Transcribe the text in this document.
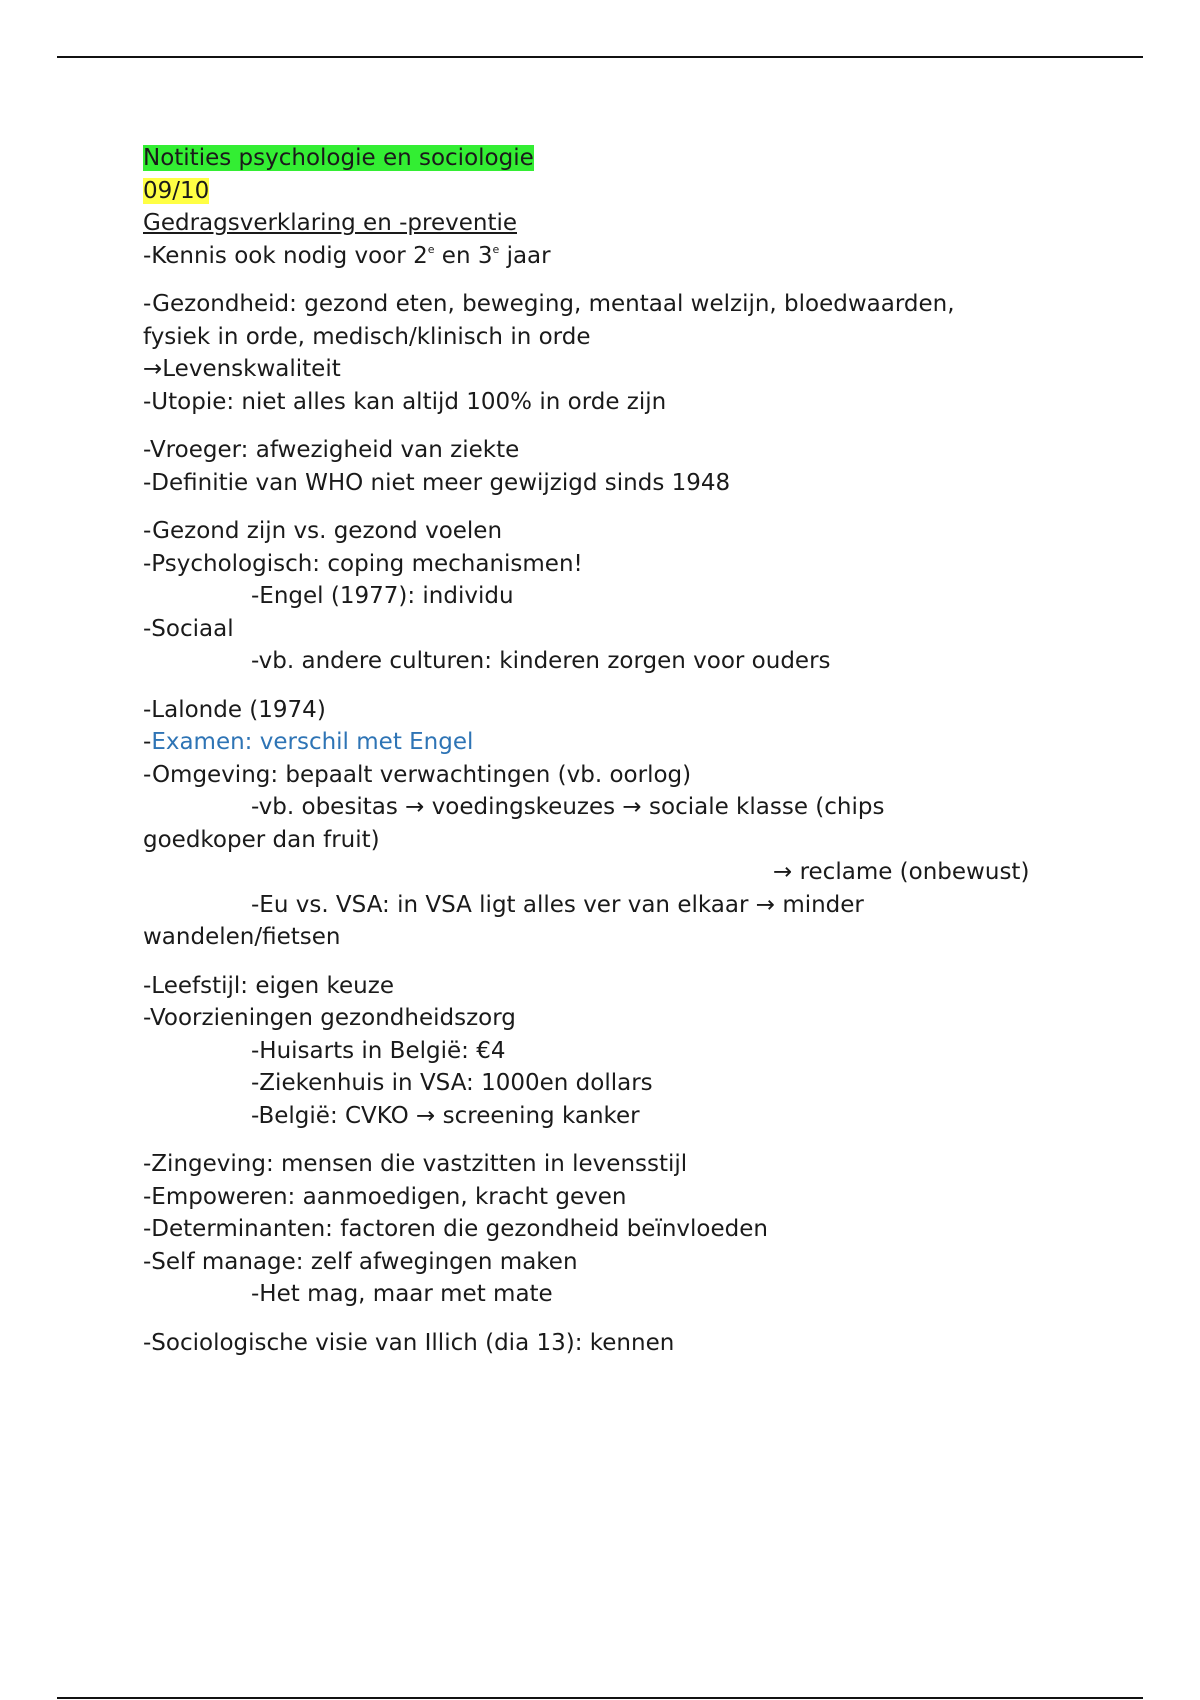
Notities psychologie en sociologie

09/10

Gedragsverklaring en -preventie

-Kennis ook nodig voor 2e en 3e jaar

-Gezondheid: gezond eten, beweging, mentaal welzijn, bloedwaarden,

fysiek in orde, medisch/klinisch in orde

→Levenskwaliteit

-Utopie: niet alles kan altijd 100% in orde zijn

-Vroeger: afwezigheid van ziekte

-Definitie van WHO niet meer gewijzigd sinds 1948

-Gezond zijn vs. gezond voelen

-Psychologisch: coping mechanismen!

-Engel (1977): individu

-Sociaal

-vb. andere culturen: kinderen zorgen voor ouders

-Lalonde (1974)

-Examen: verschil met Engel

-Omgeving: bepaalt verwachtingen (vb. oorlog)

-vb. obesitas → voedingskeuzes → sociale klasse (chips

goedkoper dan fruit)

→ reclame (onbewust)

-Eu vs. VSA: in VSA ligt alles ver van elkaar → minder

wandelen/fietsen

-Leefstijl: eigen keuze

-Voorzieningen gezondheidszorg

-Huisarts in België: €4

-Ziekenhuis in VSA: 1000en dollars

-België: CVKO → screening kanker

-Zingeving: mensen die vastzitten in levensstijl

-Empoweren: aanmoedigen, kracht geven

-Determinanten: factoren die gezondheid beïnvloeden

-Self manage: zelf afwegingen maken

-Het mag, maar met mate

-Sociologische visie van Illich (dia 13): kennen
